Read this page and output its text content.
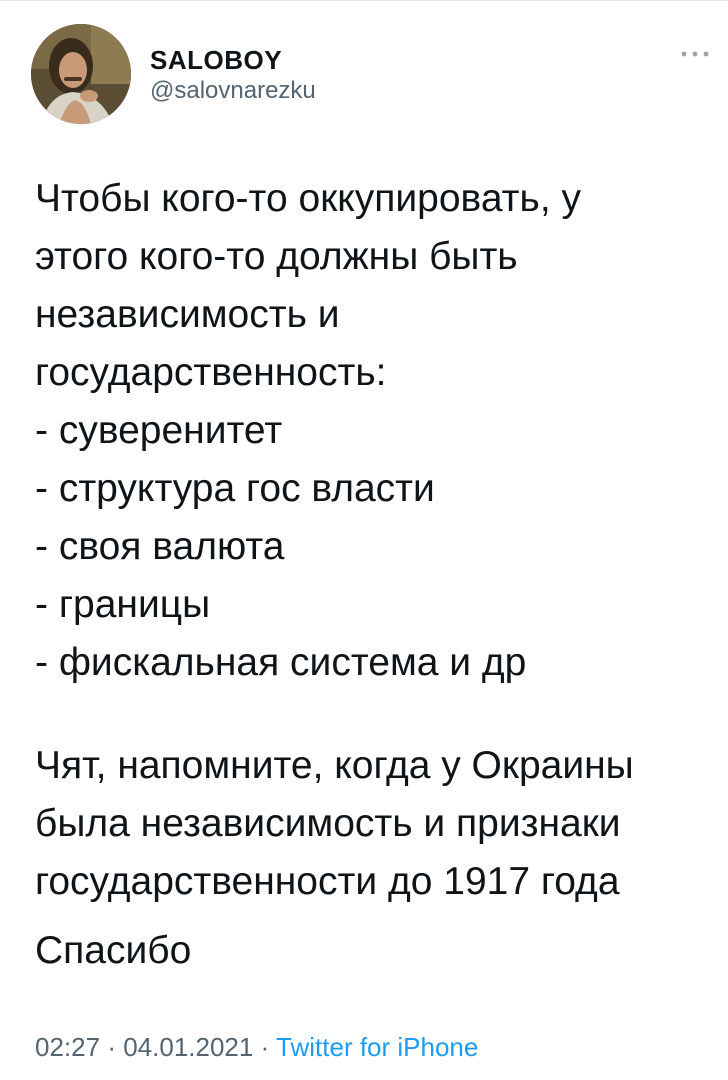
SALOBOY
@salovnarezku
Чтобы кого-то оккупировать, у
этого кого-то должны быть
независимость и
государственность:
- суверенитет
- структура гос власти
- своя валюта
- границы
- фискальная система и др
Чят, напомните, когда у Окраины
была независимость и признаки
государственности до 1917 года
Спасибо
02:27 · 04.01.2021 · Twitter for iPhone
